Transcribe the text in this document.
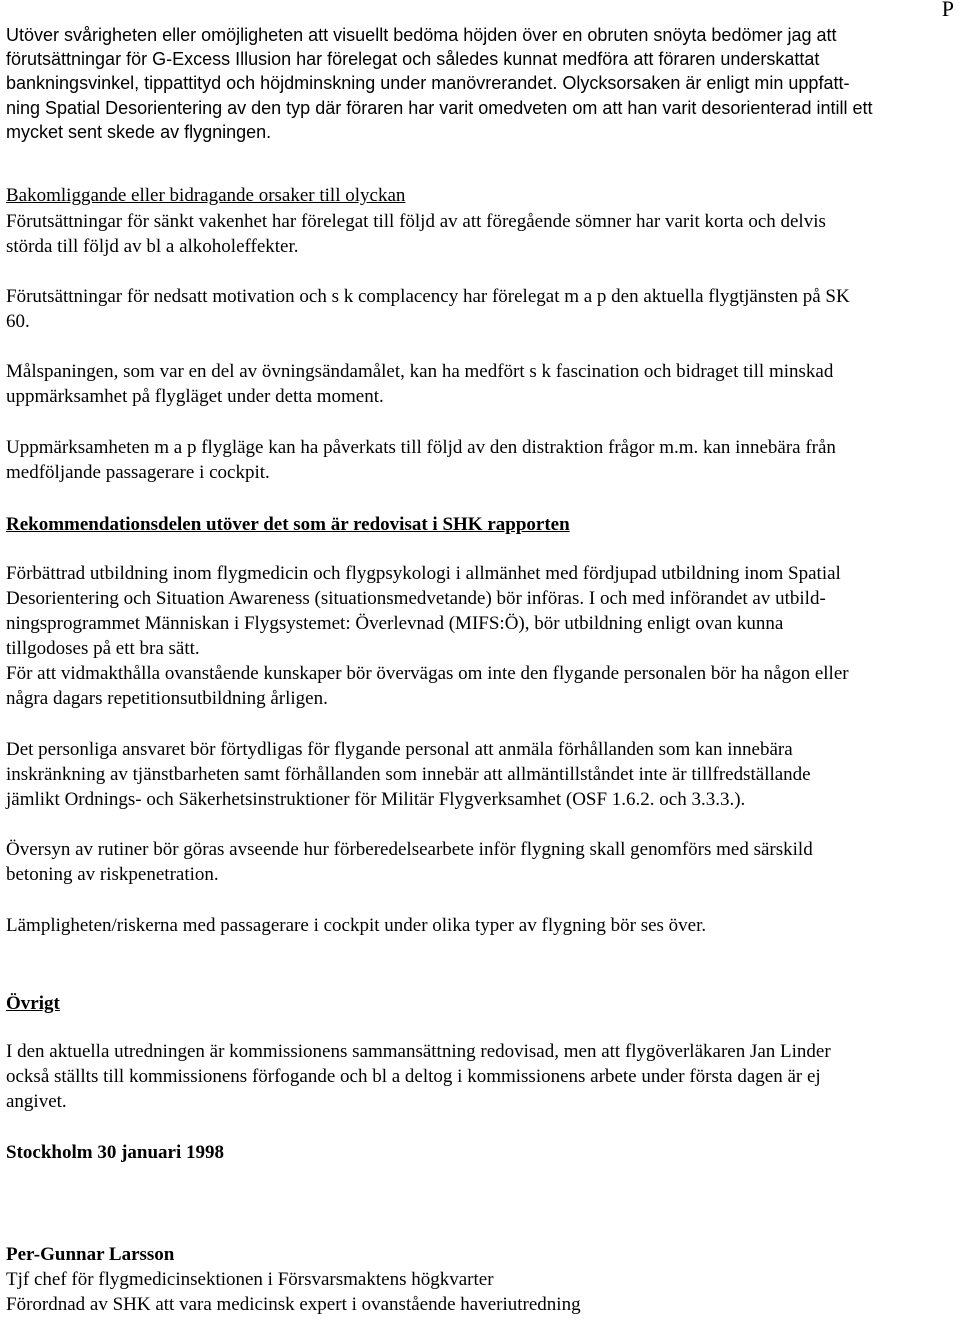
P
Utöver svårigheten eller omöjligheten att visuellt bedöma höjden över en obruten snöyta bedömer jag att
förutsättningar för G-Excess Illusion har förelegat och således kunnat medföra att föraren underskattat
bankningsvinkel, tippattityd och höjdminskning under manövrerandet. Olycksorsaken är enligt min uppfatt-
ning Spatial Desorientering av den typ där föraren har varit omedveten om att han varit desorienterad intill ett
mycket sent skede av flygningen.
Bakomliggande eller bidragande orsaker till olyckan
Förutsättningar för sänkt vakenhet har förelegat till följd av att föregående sömner har varit korta och delvis
störda till följd av bl a alkoholeffekter.
Förutsättningar för nedsatt motivation och s k complacency har förelegat m a p den aktuella flygtjänsten på SK
60.
Målspaningen, som var en del av övningsändamålet, kan ha medfört s k fascination och bidraget till minskad
uppmärksamhet på flygläget under detta moment.
Uppmärksamheten m a p flygläge kan ha påverkats till följd av den distraktion frågor m.m. kan innebära från
medföljande passagerare i cockpit.
Rekommendationsdelen utöver det som är redovisat i SHK rapporten
Förbättrad utbildning inom flygmedicin och flygpsykologi i allmänhet med fördjupad utbildning inom Spatial
Desorientering och Situation Awareness (situationsmedvetande) bör införas. I och med införandet av utbild-
ningsprogrammet Människan i Flygsystemet: Överlevnad (MIFS:Ö), bör utbildning enligt ovan kunna
tillgodoses på ett bra sätt.
För att vidmakthålla ovanstående kunskaper bör övervägas om inte den flygande personalen bör ha någon eller
några dagars repetitionsutbildning årligen.
Det personliga ansvaret bör förtydligas för flygande personal att anmäla förhållanden som kan innebära
inskränkning av tjänstbarheten samt förhållanden som innebär att allmäntillståndet inte är tillfredställande
jämlikt Ordnings- och Säkerhetsinstruktioner för Militär Flygverksamhet (OSF 1.6.2. och 3.3.3.).
Översyn av rutiner bör göras avseende hur förberedelsearbete inför flygning skall genomförs med särskild
betoning av riskpenetration.
Lämpligheten/riskerna med passagerare i cockpit under olika typer av flygning bör ses över.
Övrigt
I den aktuella utredningen är kommissionens sammansättning redovisad, men att flygöverläkaren Jan Linder
också ställts till kommissionens förfogande och bl a deltog i kommissionens arbete under första dagen är ej
angivet.
Stockholm 30 januari 1998
Per-Gunnar Larsson
Tjf chef för flygmedicinsektionen i Försvarsmaktens högkvarter
Förordnad av SHK att vara medicinsk expert i ovanstående haveriutredning
